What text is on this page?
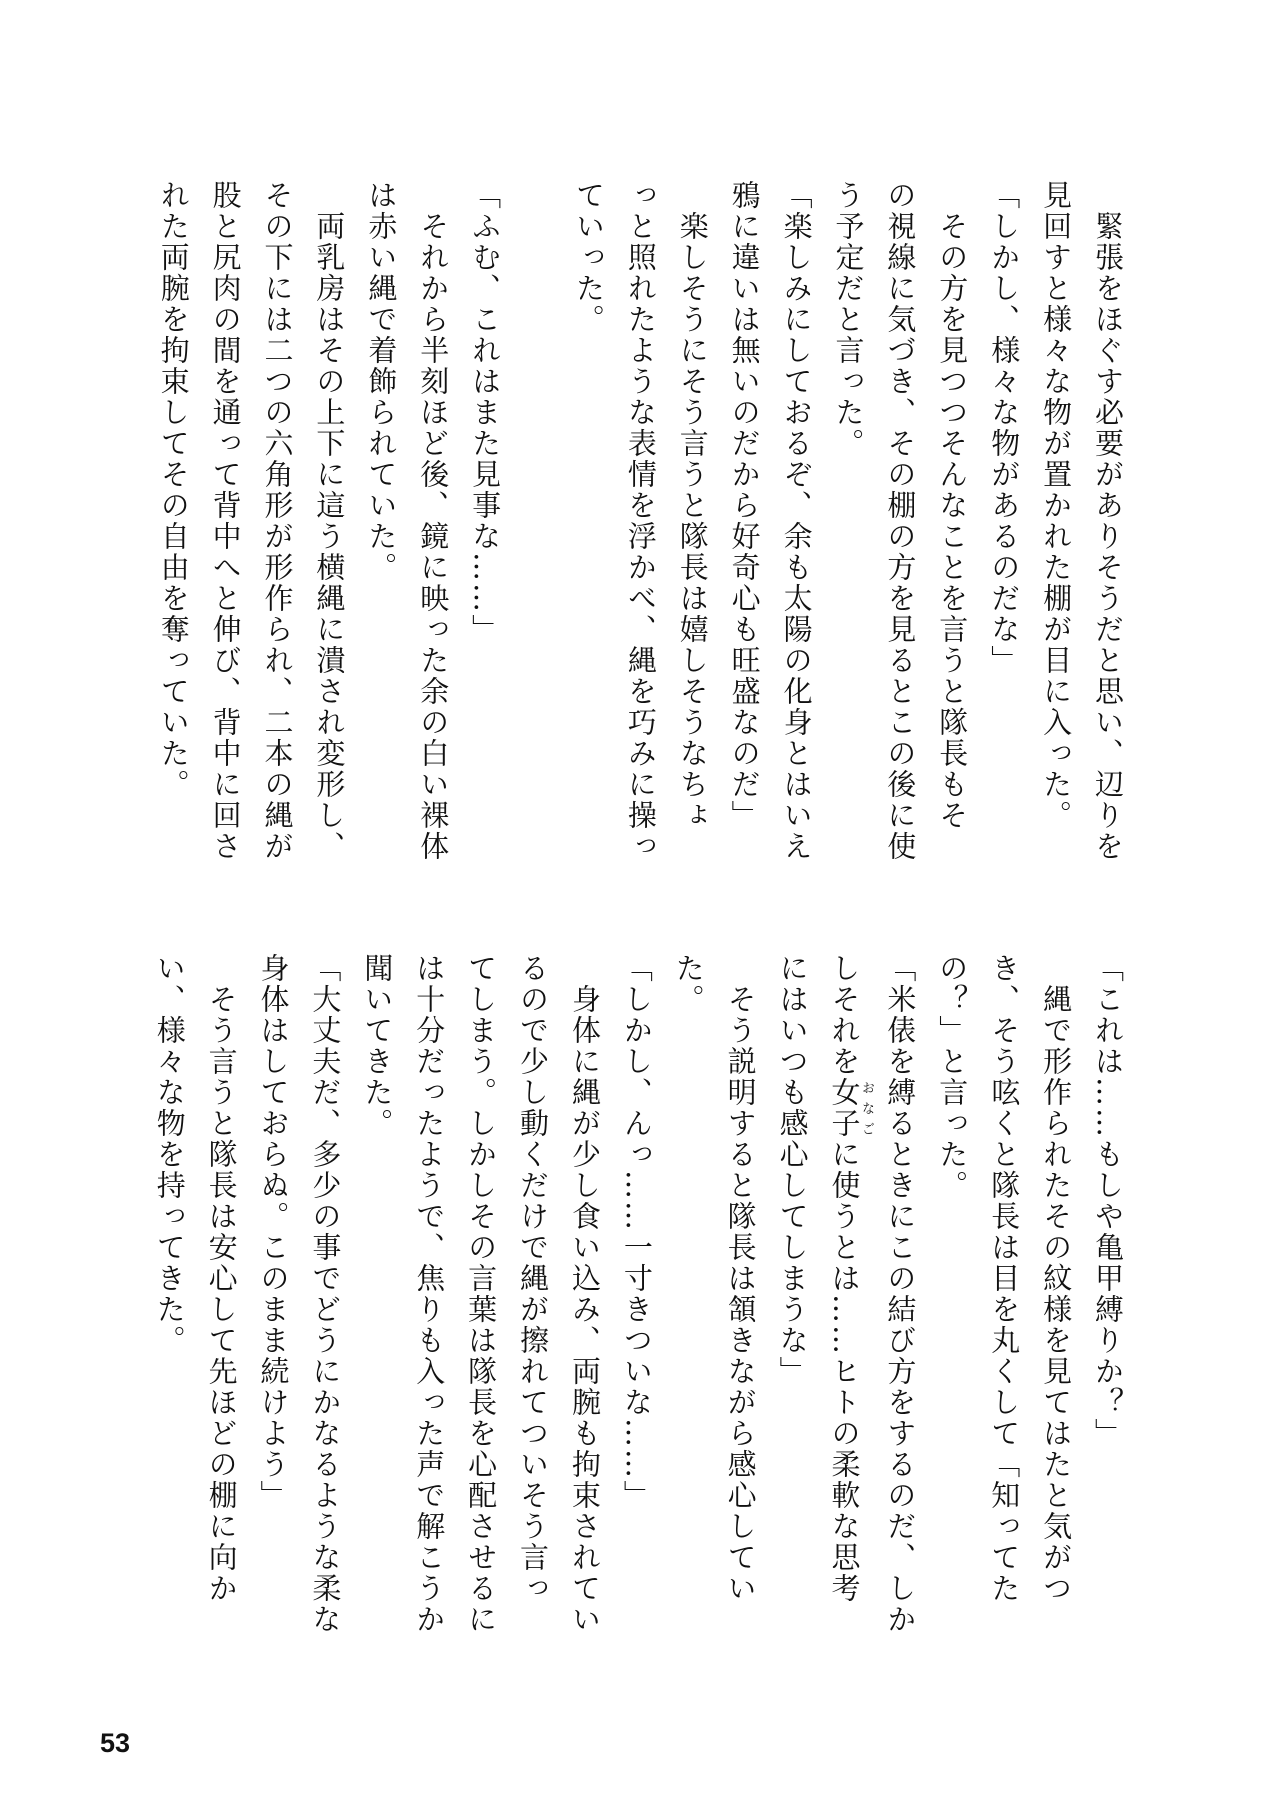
　緊張をほぐす必要がありそうだと思い、辺りを
見回すと様々な物が置かれた棚が目に入った。
「しかし、様々な物があるのだな」
　その方を見つつそんなことを言うと隊長もそ
の視線に気づき、その棚の方を見るとこの後に使
う予定だと言った。
「楽しみにしておるぞ、余も太陽の化身とはいえ
鴉に違いは無いのだから好奇心も旺盛なのだ」
　楽しそうにそう言うと隊長は嬉しそうなちょ
っと照れたような表情を浮かべ、縄を巧みに操っ
ていった。
「ふむ、これはまた見事な……」
　それから半刻ほど後、鏡に映った余の白い裸体
は赤い縄で着飾られていた。
　両乳房はその上下に這う横縄に潰され変形し、
その下には二つの六角形が形作られ、二本の縄が
股と尻肉の間を通って背中へと伸び、背中に回さ
れた両腕を拘束してその自由を奪っていた。
「これは……もしや亀甲縛りか？」
　縄で形作られたその紋様を見てはたと気がつ
き、そう呟くと隊長は目を丸くして「知ってた
の？」と言った。
「米俵を縛るときにこの結び方をするのだ、しか
しそれを女子おなごに使うとは……ヒトの柔軟な思考
にはいつも感心してしまうな」
　そう説明すると隊長は頷きながら感心してい
た。
「しかし、んっ……一寸きついな……」
　身体に縄が少し食い込み、両腕も拘束されてい
るので少し動くだけで縄が擦れてついそう言っ
てしまう。しかしその言葉は隊長を心配させるに
は十分だったようで、焦りも入った声で解こうか
聞いてきた。
「大丈夫だ、多少の事でどうにかなるような柔な
身体はしておらぬ。このまま続けよう」
　そう言うと隊長は安心して先ほどの棚に向か
い、様々な物を持ってきた。
53
